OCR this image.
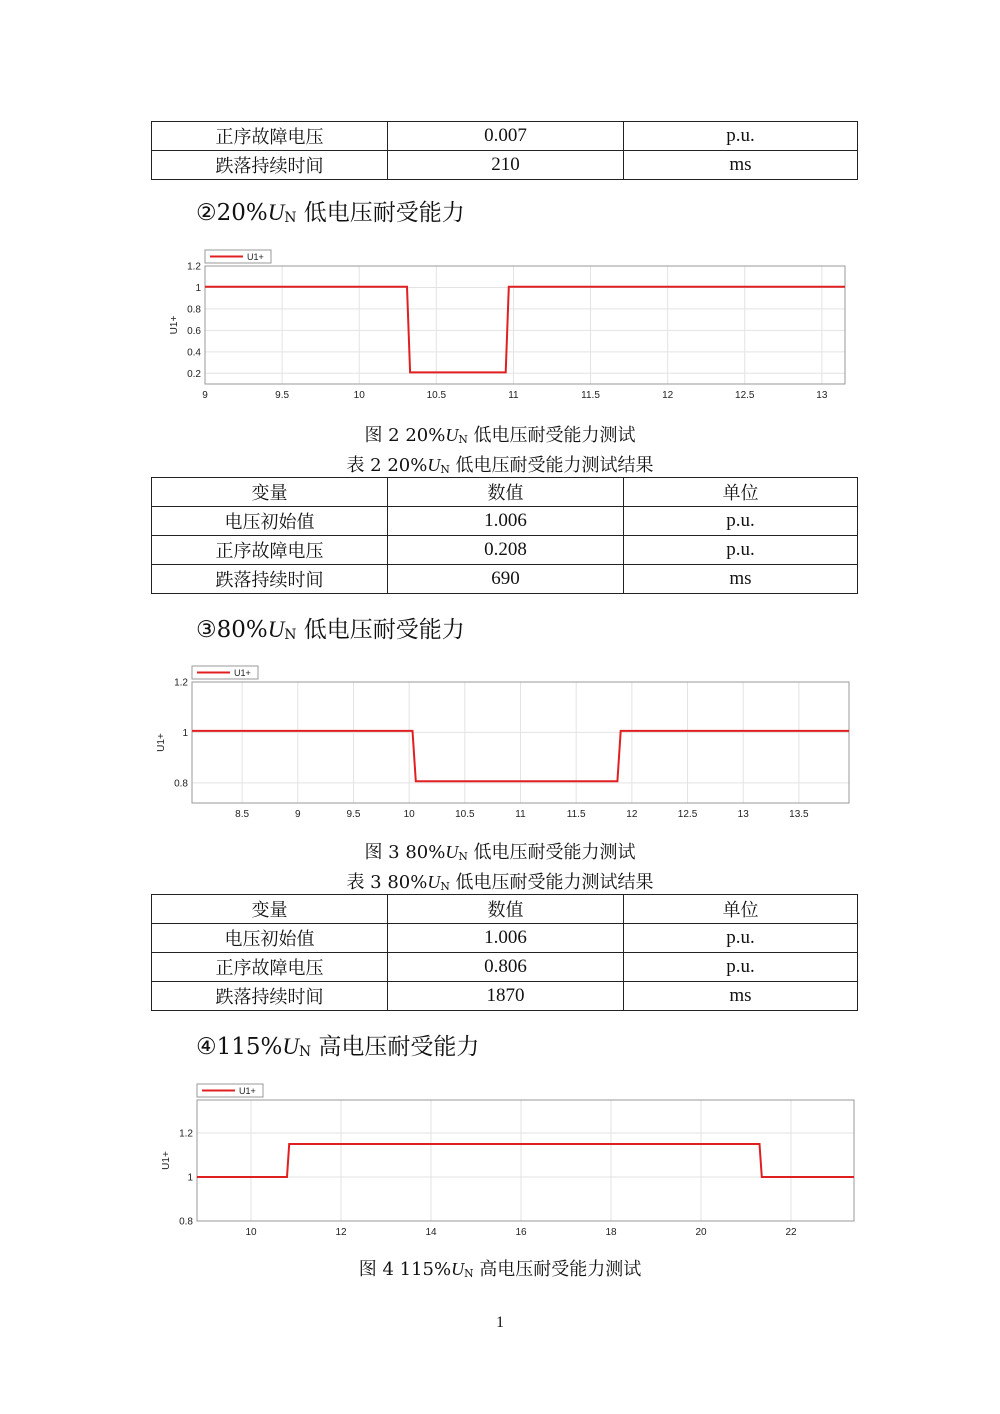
正序故障电压	0.007	p.u.
跌落持续时间	210	ms
$②20\%U_N$ 低电压耐受能力
9	9.5	10	10.5	11	11.5	12	12.5	13
0.2
0.4
0.6
0.8
1
1.2
U1+
U1+
图 2 $20\%U_N$ 低电压耐受能力测试
表 2 $20\%U_N$ 低电压耐受能力测试结果
变量	数值	单位
电压初始值	1.006	p.u.
正序故障电压	0.208	p.u.
跌落持续时间	690	ms
$③80\%U_N$ 低电压耐受能力
8.5	9	9.5	10	10.5	11	11.5	12	12.5	13	13.5
0.8
1
1.2
U1+
U1+
图 3 $80\%U_N$ 低电压耐受能力测试
表 3 $80\%U_N$ 低电压耐受能力测试结果
变量	数值	单位
电压初始值	1.006	p.u.
正序故障电压	0.806	p.u.
跌落持续时间	1870	ms
$④115\%U_N$ 高电压耐受能力
10	12	14	16	18	20	22
0.8
1
1.2
U1+
U1+
图 4 $115\%U_N$ 高电压耐受能力测试
1
